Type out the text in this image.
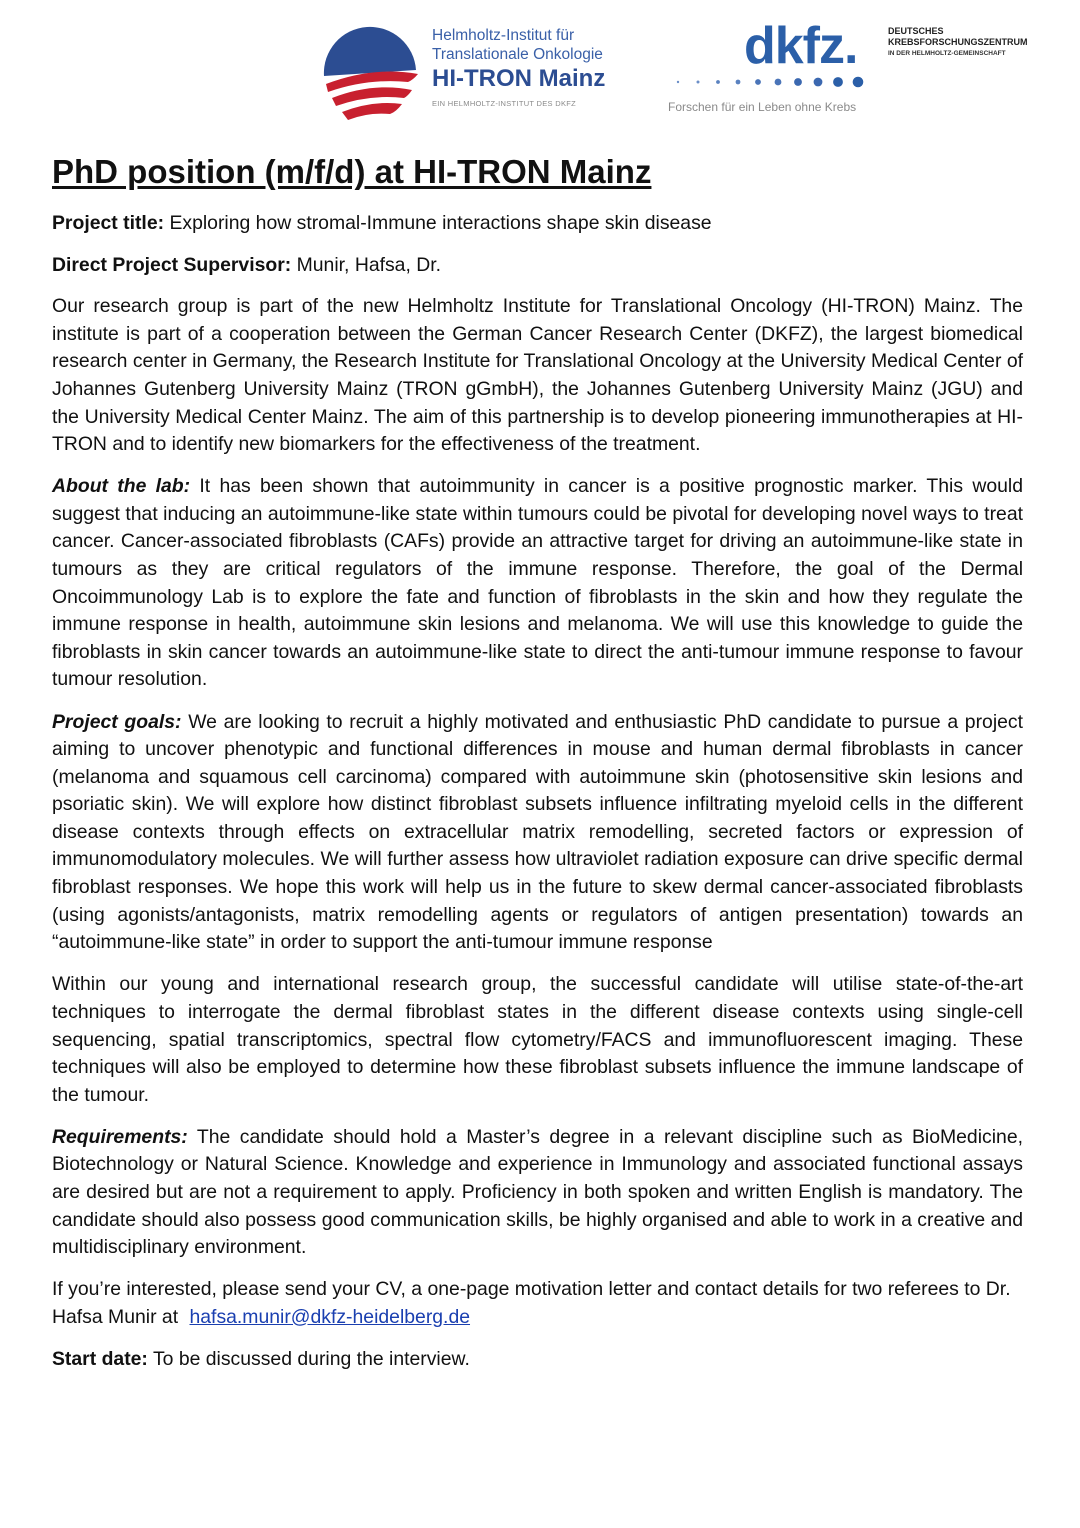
Helmholtz-Institut für
Translationale Onkologie
HI-TRON Mainz
EIN HELMHOLTZ-INSTITUT DES DKFZ
dkfz.	DEUTSCHES
KREBSFORSCHUNGSZENTRUM
IN DER HELMHOLTZ-GEMEINSCHAFT
Forschen für ein Leben ohne Krebs
PhD position (m/f/d) at HI-TRON Mainz
Project title: Exploring how stromal-Immune interactions shape skin disease
Direct Project Supervisor: Munir, Hafsa, Dr.

Our research group is part of the new Helmholtz Institute for Translational Oncology (HI-TRON) Mainz. The institute is part of a cooperation between the German Cancer Research Center (DKFZ), the largest biomedical research center in Germany, the Research Institute for Translational Oncology at the University Medical Center of Johannes Gutenberg University Mainz (TRON gGmbH), the Johannes Gutenberg University Mainz (JGU) and the University Medical Center Mainz. The aim of this partnership is to develop pioneering immunotherapies at HI-TRON and to identify new biomarkers for the effectiveness of the treatment.

About the lab: It has been shown that autoimmunity in cancer is a positive prognostic marker. This would suggest that inducing an autoimmune-like state within tumours could be pivotal for developing novel ways to treat cancer. Cancer-associated fibroblasts (CAFs) provide an attractive target for driving an autoimmune-like state in tumours as they are critical regulators of the immune response. Therefore, the goal of the Dermal Oncoimmunology Lab is to explore the fate and function of fibroblasts in the skin and how they regulate the immune response in health, autoimmune skin lesions and melanoma. We will use this knowledge to guide the fibroblasts in skin cancer towards an autoimmune-like state to direct the anti-tumour immune response to favour tumour resolution.

Project goals: We are looking to recruit a highly motivated and enthusiastic PhD candidate to pursue a project aiming to uncover phenotypic and functional differences in mouse and human dermal fibroblasts in cancer (melanoma and squamous cell carcinoma) compared with autoimmune skin (photosensitive skin lesions and psoriatic skin). We will explore how distinct fibroblast subsets influence infiltrating myeloid cells in the different disease contexts through effects on extracellular matrix remodelling, secreted factors or expression of immunomodulatory molecules. We will further assess how ultraviolet radiation exposure can drive specific dermal fibroblast responses. We hope this work will help us in the future to skew dermal cancer-associated fibroblasts (using agonists/antagonists, matrix remodelling agents or regulators of antigen presentation) towards an “autoimmune-like state” in order to support the anti-tumour immune response

Within our young and international research group, the successful candidate will utilise state-of-the-art techniques to interrogate the dermal fibroblast states in the different disease contexts using single-cell sequencing, spatial transcriptomics, spectral flow cytometry/FACS and immunofluorescent imaging. These techniques will also be employed to determine how these fibroblast subsets influence the immune landscape of the tumour.

Requirements: The candidate should hold a Master’s degree in a relevant discipline such as BioMedicine, Biotechnology or Natural Science. Knowledge and experience in Immunology and associated functional assays are desired but are not a requirement to apply. Proficiency in both spoken and written English is mandatory. The candidate should also possess good communication skills, be highly organised and able to work in a creative and multidisciplinary environment.

If you’re interested, please send your CV, a one-page motivation letter and contact details for two referees to Dr. Hafsa Munir at hafsa.munir@dkfz-heidelberg.de

Start date: To be discussed during the interview.
